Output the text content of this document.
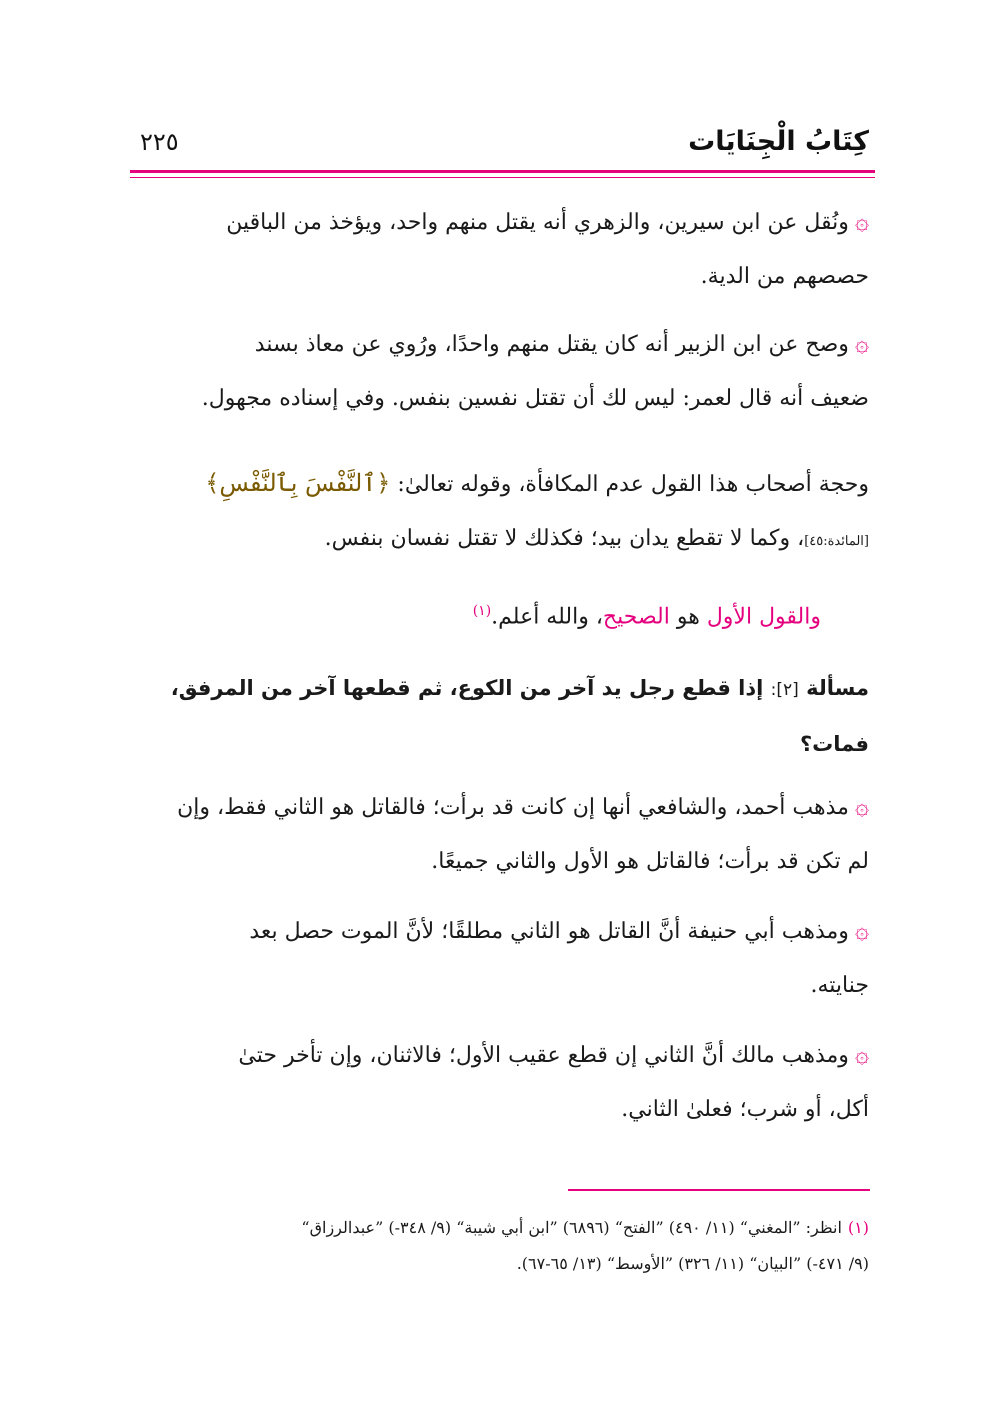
كِتَابُ الْجِنَايَات
٢٢٥
۞ونُقل عن ابن سيرين، والزهري أنه يقتل منهم واحد، ويؤخذ من الباقين
حصصهم من الدية.
۞وصح عن ابن الزبير أنه كان يقتل منهم واحدًا، ورُوي عن معاذ بسند
ضعيف أنه قال لعمر: ليس لك أن تقتل نفسين بنفس. وفي إسناده مجهول.
وحجة أصحاب هذا القول عدم المكافأة، وقوله تعالىٰ: ﴿ٱلنَّفْسَ بِٱلنَّفْسِ﴾
[المائدة:٤٥]، وكما لا تقطع يدان بيد؛ فكذلك لا تقتل نفسان بنفس.
والقول الأول هو الصحيح، والله أعلم.$^{(١)}$
مسألة [٢]: إذا قطع رجل يد آخر من الكوع، ثم قطعها آخر من المرفق،
فمات؟
۞مذهب أحمد، والشافعي أنها إن كانت قد برأت؛ فالقاتل هو الثاني فقط، وإن
لم تكن قد برأت؛ فالقاتل هو الأول والثاني جميعًا.
۞ومذهب أبي حنيفة أنَّ القاتل هو الثاني مطلقًا؛ لأنَّ الموت حصل بعد
جنايته.
۞ومذهب مالك أنَّ الثاني إن قطع عقيب الأول؛ فالاثنان، وإن تأخر حتىٰ
أكل، أو شرب؛ فعلىٰ الثاني.
(١)انظر: ”المغني“ (١١/ ٤٩٠) ”الفتح“ (٦٨٩٦) ”ابن أبي شيبة“ (٩/ ٣٤٨-) ”عبدالرزاق“
(٩/ ٤٧١-) ”البيان“ (١١/ ٣٢٦) ”الأوسط“ (١٣/ ٦٥-٦٧).
